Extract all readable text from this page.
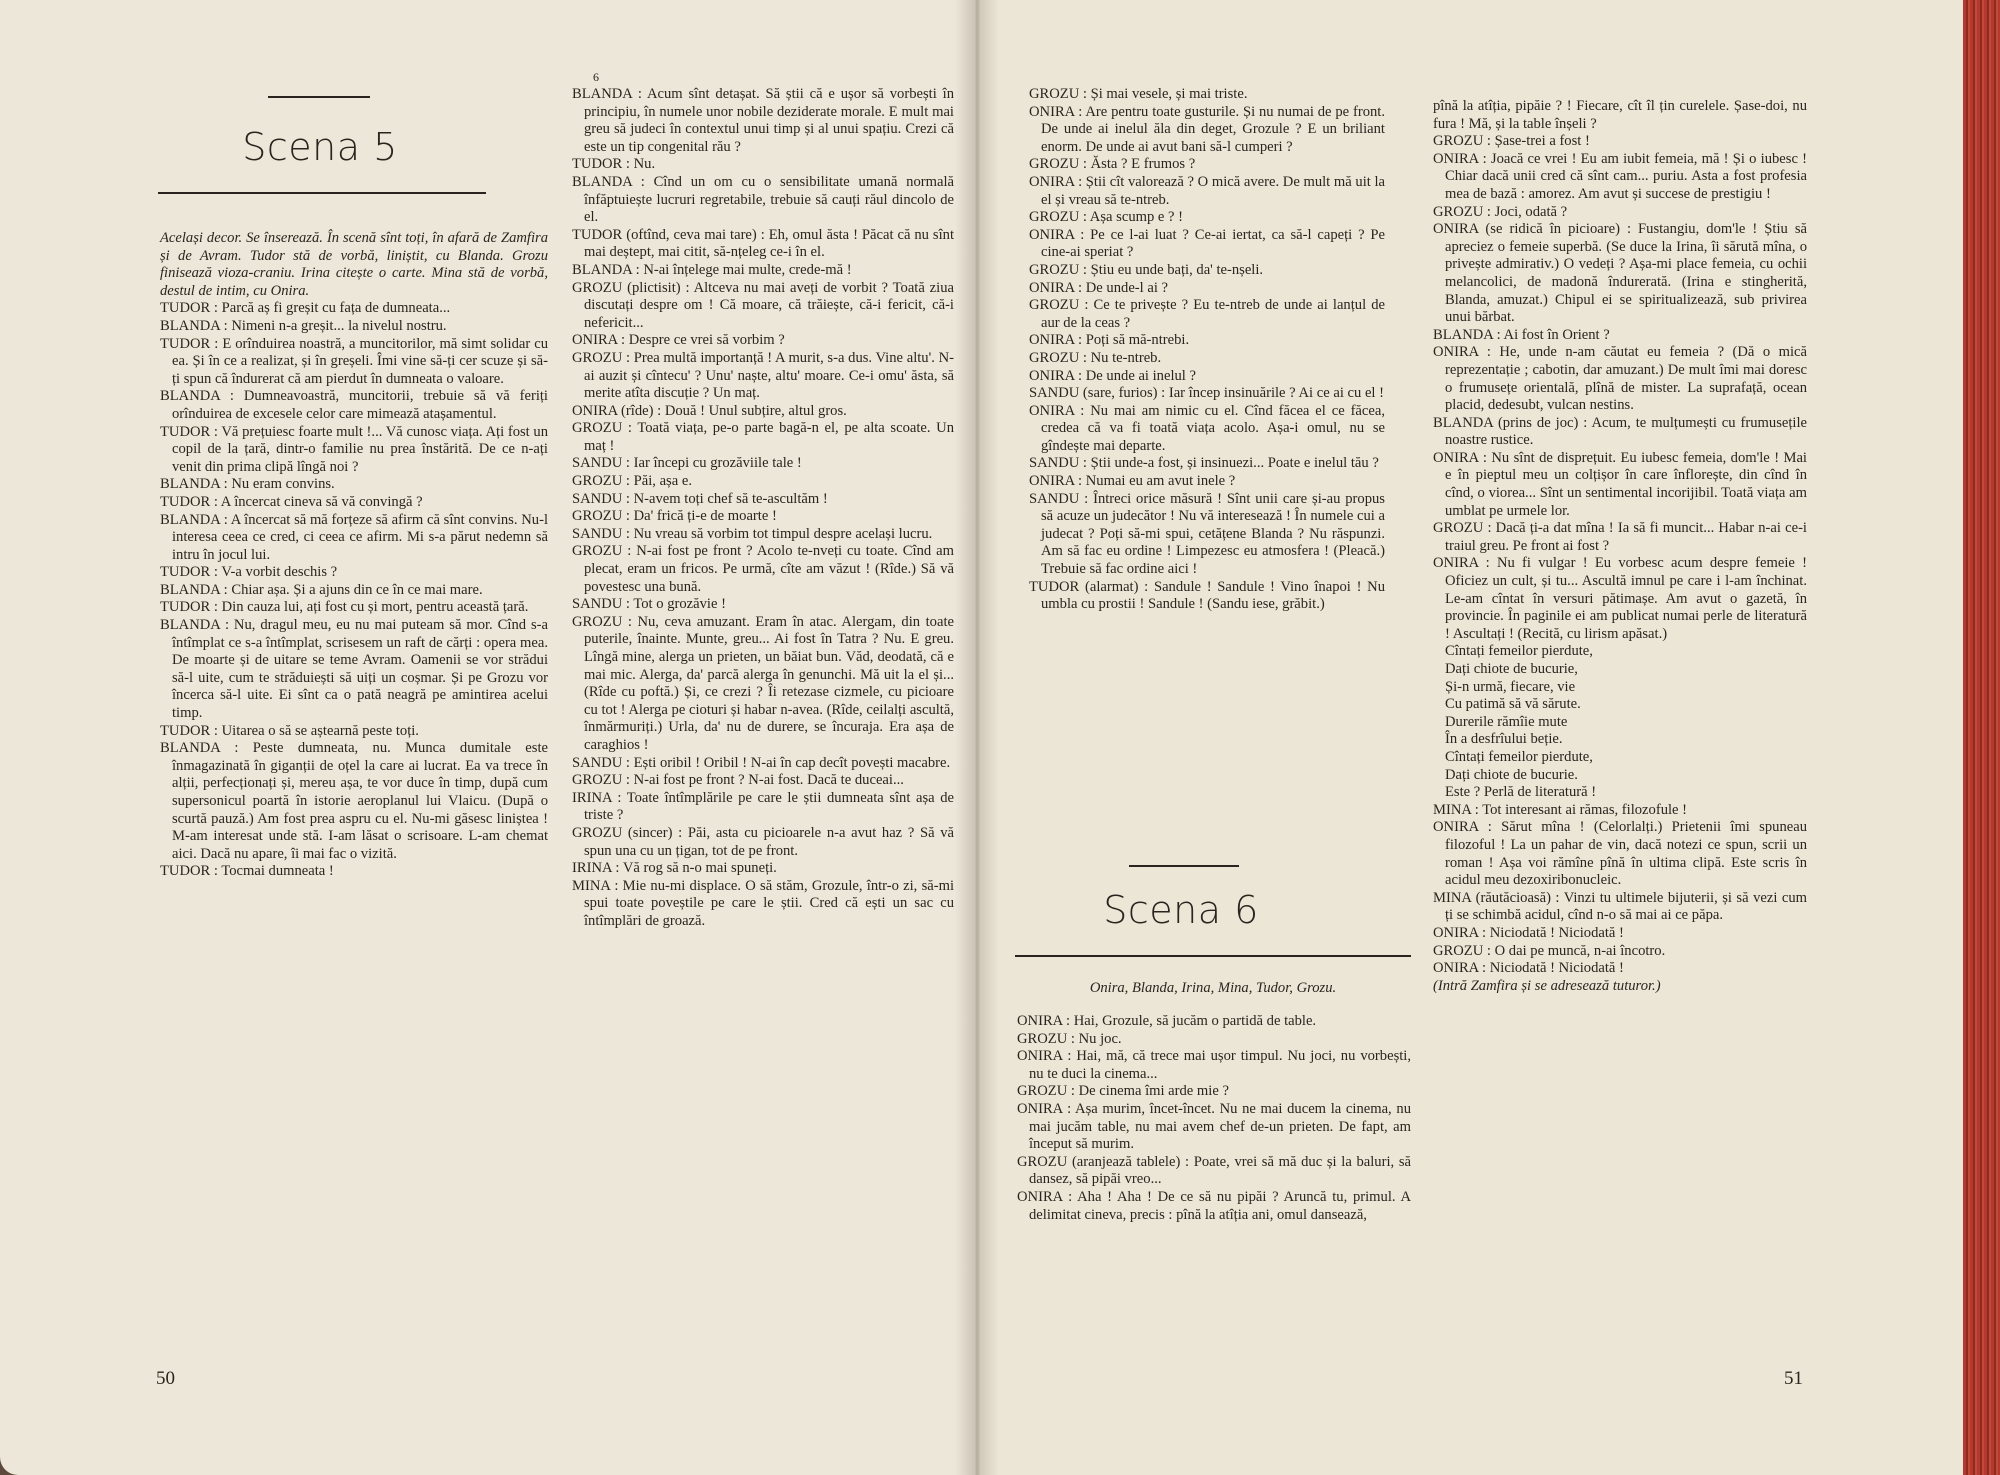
Scena 5
6

Același decor. Se înserează. În scenă sînt toți, în afară de Zamfira și de Avram. Tudor stă de vorbă, liniștit, cu Blanda. Grozu finisează vioza-craniu. Irina citește o carte. Mina stă de vorbă, destul de intim, cu Onira.

TUDOR : Parcă aș fi greșit cu fața de dumneata...

BLANDA : Nimeni n-a greșit... la nivelul nostru.

TUDOR : E orînduirea noastră, a muncitorilor, mă simt solidar cu ea. Și în ce a realizat, și în greșeli. Îmi vine să-ți cer scuze și să-ți spun că îndurerat că am pierdut în dumneata o valoare.

BLANDA : Dumneavoastră, muncitorii, trebuie să vă feriți orînduirea de excesele celor care mimează atașamentul.

TUDOR : Vă prețuiesc foarte mult !... Vă cunosc viața. Ați fost un copil de la țară, dintr-o familie nu prea înstărită. De ce n-ați venit din prima clipă lîngă noi ?

BLANDA : Nu eram convins.

TUDOR : A încercat cineva să vă convingă ?

BLANDA : A încercat să mă forțeze să afirm că sînt convins. Nu-l interesa ceea ce cred, ci ceea ce afirm. Mi s-a părut nedemn să intru în jocul lui.

TUDOR : V-a vorbit deschis ?

BLANDA : Chiar așa. Și a ajuns din ce în ce mai mare.

TUDOR : Din cauza lui, ați fost cu și mort, pentru această țară.

BLANDA : Nu, dragul meu, eu nu mai puteam să mor. Cînd s-a întîmplat ce s-a întîmplat, scrisesem un raft de cărți : opera mea. De moarte și de uitare se teme Avram. Oamenii se vor strădui să-l uite, cum te străduiești să uiți un coșmar. Și pe Grozu vor încerca să-l uite. Ei sînt ca o pată neagră pe amintirea acelui timp.

TUDOR : Uitarea o să se aștearnă peste toți.

BLANDA : Peste dumneata, nu. Munca dumitale este înmagazinată în giganții de oțel la care ai lucrat. Ea va trece în alții, perfecționați și, mereu așa, te vor duce în timp, după cum supersonicul poartă în istorie aeroplanul lui Vlaicu. (După o scurtă pauză.) Am fost prea aspru cu el. Nu-mi găsesc liniștea ! M-am interesat unde stă. I-am lăsat o scrisoare. L-am chemat aici. Dacă nu apare, îi mai fac o vizită.

TUDOR : Tocmai dumneata !

BLANDA : Acum sînt detașat. Să știi că e ușor să vorbești în principiu, în numele unor nobile deziderate morale. E mult mai greu să judeci în contextul unui timp și al unui spațiu. Crezi că este un tip congenital rău ?

TUDOR : Nu.

BLANDA : Cînd un om cu o sensibilitate umană normală înfăptuiește lucruri regretabile, trebuie să cauți răul dincolo de el.

TUDOR (oftînd, ceva mai tare) : Eh, omul ăsta ! Păcat că nu sînt mai deștept, mai citit, să-nțeleg ce-i în el.

BLANDA : N-ai înțelege mai multe, crede-mă !

GROZU (plictisit) : Altceva nu mai aveți de vorbit ? Toată ziua discutați despre om ! Că moare, că trăiește, că-i fericit, că-i nefericit...

ONIRA : Despre ce vrei să vorbim ?

GROZU : Prea multă importanță ! A murit, s-a dus. Vine altu'. N-ai auzit și cîntecu' ? Unu' naște, altu' moare. Ce-i omu' ăsta, să merite atîta discuție ? Un maț.

ONIRA (rîde) : Două ! Unul subțire, altul gros.

GROZU : Toată viața, pe-o parte bagă-n el, pe alta scoate. Un maț !

SANDU : Iar începi cu grozăviile tale !

GROZU : Păi, așa e.

SANDU : N-avem toți chef să te-ascultăm !

GROZU : Da' frică ți-e de moarte !

SANDU : Nu vreau să vorbim tot timpul despre același lucru.

GROZU : N-ai fost pe front ? Acolo te-nveți cu toate. Cînd am plecat, eram un fricos. Pe urmă, cîte am văzut ! (Rîde.) Să vă povestesc una bună.

SANDU : Tot o grozăvie !

GROZU : Nu, ceva amuzant. Eram în atac. Alergam, din toate puterile, înainte. Munte, greu... Ai fost în Tatra ? Nu. E greu. Lîngă mine, alerga un prieten, un băiat bun. Văd, deodată, că e mai mic. Alerga, da' parcă alerga în genunchi. Mă uit la el și... (Rîde cu poftă.) Și, ce crezi ? Îi retezase cizmele, cu picioare cu tot ! Alerga pe cioturi și habar n-avea. (Rîde, ceilalți ascultă, înmărmuriți.) Urla, da' nu de durere, se încuraja. Era așa de caraghios !

SANDU : Ești oribil ! Oribil ! N-ai în cap decît povești macabre.

GROZU : N-ai fost pe front ? N-ai fost. Dacă te duceai...

IRINA : Toate întîmplările pe care le știi dumneata sînt așa de triste ?

GROZU (sincer) : Păi, asta cu picioarele n-a avut haz ? Să vă spun una cu un țigan, tot de pe front.

IRINA : Vă rog să n-o mai spuneți.

MINA : Mie nu-mi displace. O să stăm, Grozule, într-o zi, să-mi spui toate poveștile pe care le știi. Cred că ești un sac cu întîmplări de groază.

50

GROZU : Și mai vesele, și mai triste.

ONIRA : Are pentru toate gusturile. Și nu numai de pe front. De unde ai inelul ăla din deget, Grozule ? E un briliant enorm. De unde ai avut bani să-l cumperi ?

GROZU : Ăsta ? E frumos ?

ONIRA : Știi cît valorează ? O mică avere. De mult mă uit la el și vreau să te-ntreb.

GROZU : Așa scump e ? !

ONIRA : Pe ce l-ai luat ? Ce-ai iertat, ca să-l capeți ? Pe cine-ai speriat ?

GROZU : Știu eu unde bați, da' te-nșeli.

ONIRA : De unde-l ai ?

GROZU : Ce te privește ? Eu te-ntreb de unde ai lanțul de aur de la ceas ?

ONIRA : Poți să mă-ntrebi.

GROZU : Nu te-ntreb.

ONIRA : De unde ai inelul ?

SANDU (sare, furios) : Iar încep insinuările ? Ai ce ai cu el !

ONIRA : Nu mai am nimic cu el. Cînd făcea el ce făcea, credea că va fi toată viața acolo. Așa-i omul, nu se gîndește mai departe.

SANDU : Știi unde-a fost, și insinuezi... Poate e inelul tău ?

ONIRA : Numai eu am avut inele ?

SANDU : Întreci orice măsură ! Sînt unii care și-au propus să acuze un judecător ! Nu vă interesează ! În numele cui a judecat ? Poți să-mi spui, cetățene Blanda ? Nu răspunzi. Am să fac eu ordine ! Limpezesc eu atmosfera ! (Pleacă.) Trebuie să fac ordine aici !

TUDOR (alarmat) : Sandule ! Sandule ! Vino înapoi ! Nu umbla cu prostii ! Sandule ! (Sandu iese, grăbit.)

Scena 6
Onira, Blanda, Irina, Mina, Tudor, Grozu.

ONIRA : Hai, Grozule, să jucăm o partidă de table.

GROZU : Nu joc.

ONIRA : Hai, mă, că trece mai ușor timpul. Nu joci, nu vorbești, nu te duci la cinema...

GROZU : De cinema îmi arde mie ?

ONIRA : Așa murim, încet-încet. Nu ne mai ducem la cinema, nu mai jucăm table, nu mai avem chef de-un prieten. De fapt, am început să murim.

GROZU (aranjează tablele) : Poate, vrei să mă duc și la baluri, să dansez, să pipăi vreo...

ONIRA : Aha ! Aha ! De ce să nu pipăi ? Aruncă tu, primul. A delimitat cineva, precis : pînă la atîția ani, omul dansează,

pînă la atîția, pipăie ? ! Fiecare, cît îl țin curelele. Șase-doi, nu fura ! Mă, și la table înșeli ?

GROZU : Șase-trei a fost !

ONIRA : Joacă ce vrei ! Eu am iubit femeia, mă ! Și o iubesc ! Chiar dacă unii cred că sînt cam... puriu. Asta a fost profesia mea de bază : amorez. Am avut și succese de prestigiu !

GROZU : Joci, odată ?

ONIRA (se ridică în picioare) : Fustangiu, dom'le ! Știu să apreciez o femeie superbă. (Se duce la Irina, îi sărută mîna, o privește admirativ.) O vedeți ? Așa-mi place femeia, cu ochii melancolici, de madonă îndurerată. (Irina e stingherită, Blanda, amuzat.) Chipul ei se spiritualizează, sub privirea unui bărbat.

BLANDA : Ai fost în Orient ?

ONIRA : He, unde n-am căutat eu femeia ? (Dă o mică reprezentație ; cabotin, dar amuzant.) De mult îmi mai doresc o frumusețe orientală, plînă de mister. La suprafață, ocean placid, dedesubt, vulcan nestins.

BLANDA (prins de joc) : Acum, te mulțumești cu frumusețile noastre rustice.

ONIRA : Nu sînt de disprețuit. Eu iubesc femeia, dom'le ! Mai e în pieptul meu un colțișor în care înflorește, din cînd în cînd, o vioreа... Sînt un sentimental incorijibil. Toată viața am umblat pe urmele lor.

GROZU : Dacă ți-a dat mîna ! Ia să fi muncit... Habar n-ai ce-i traiul greu. Pe front ai fost ?

ONIRA : Nu fi vulgar ! Eu vorbesc acum despre femeie ! Oficiez un cult, și tu... Ascultă imnul pe care i l-am închinat. Le-am cîntat în versuri pătimașe. Am avut o gazetă, în provincie. În paginile ei am publicat numai perle de literatură ! Ascultați ! (Recită, cu lirism apăsat.)

Cîntați femeilor pierdute,

Dați chiote de bucurie,

Și-n urmă, fiecare, vie

Cu patimă să vă sărute.

Durerile rămîie mute

În a desfrîului beție.

Cîntați femeilor pierdute,

Dați chiote de bucurie.

Este ? Perlă de literatură !

MINA : Tot interesant ai rămas, filozofule !

ONIRA : Sărut mîna ! (Celorlalți.) Prietenii îmi spuneau filozoful ! La un pahar de vin, dacă notezi ce spun, scrii un roman ! Așa voi rămîne pînă în ultima clipă. Este scris în acidul meu dezoxiribonucleic.

MINA (răutăcioasă) : Vinzi tu ultimele bijuterii, și să vezi cum ți se schimbă acidul, cînd n-o să mai ai ce păpa.

ONIRA : Niciodată ! Niciodată !

GROZU : O dai pe muncă, n-ai încotro.

ONIRA : Niciodată ! Niciodată !

(Intră Zamfira și se adresează tuturor.)

51
